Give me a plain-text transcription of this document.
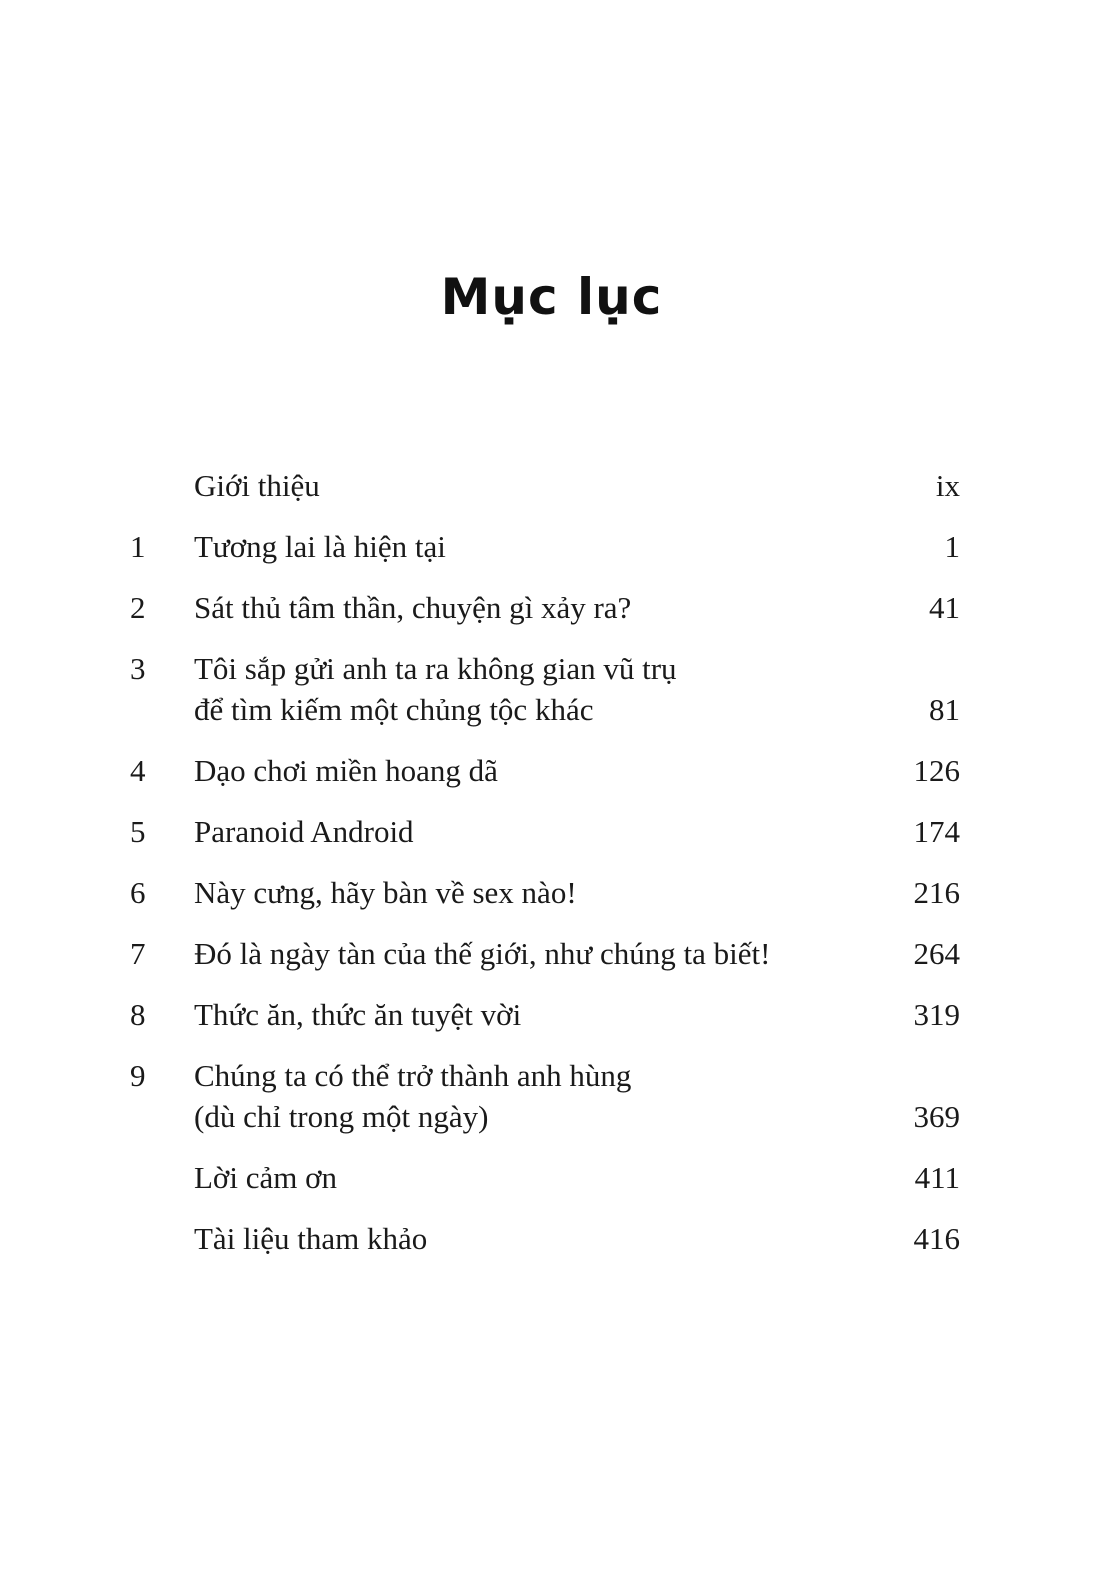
Mục lục
Giới thiệu	ix
1	Tương lai là hiện tại	1
2	Sát thủ tâm thần, chuyện gì xảy ra?	41
3	Tôi sắp gửi anh ta ra không gian vũ trụ
để tìm kiếm một chủng tộc khác	81
4	Dạo chơi miền hoang dã	126
5	Paranoid Android	174
6	Này cưng, hãy bàn về sex nào!	216
7	Đó là ngày tàn của thế giới, như chúng ta biết!	264
8	Thức ăn, thức ăn tuyệt vời	319
9	Chúng ta có thể trở thành anh hùng
(dù chỉ trong một ngày)	369
Lời cảm ơn	411
Tài liệu tham khảo	416
